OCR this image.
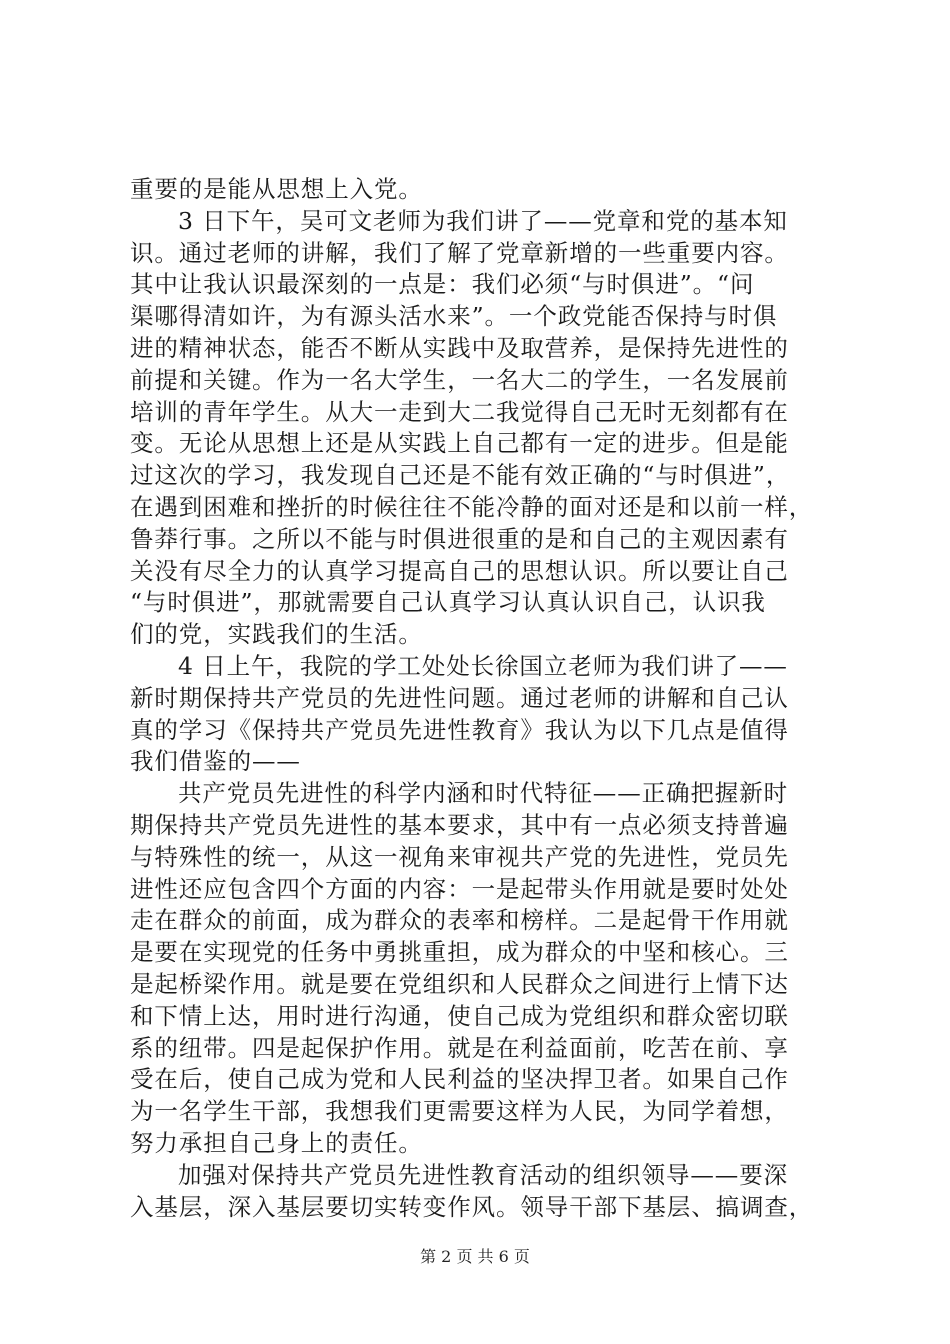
重要的是能从思想上入党。
3 日下午，吴可文老师为我们讲了——党章和党的基本知
识。通过老师的讲解，我们了解了党章新增的一些重要内容。
其中让我认识最深刻的一点是：我们必须“与时俱进”。“问
渠哪得清如许，为有源头活水来”。一个政党能否保持与时俱
进的精神状态，能否不断从实践中及取营养，是保持先进性的
前提和关键。作为一名大学生，一名大二的学生，一名发展前
培训的青年学生。从大一走到大二我觉得自己无时无刻都有在
变。无论从思想上还是从实践上自己都有一定的进步。但是能
过这次的学习，我发现自己还是不能有效正确的“与时俱进”，
在遇到困难和挫折的时候往往不能冷静的面对还是和以前一样，
鲁莽行事。之所以不能与时俱进很重的是和自己的主观因素有
关没有尽全力的认真学习提高自己的思想认识。所以要让自己
“与时俱进”，那就需要自己认真学习认真认识自己，认识我
们的党，实践我们的生活。
4 日上午，我院的学工处处长徐国立老师为我们讲了——
新时期保持共产党员的先进性问题。通过老师的讲解和自己认
真的学习《保持共产党员先进性教育》我认为以下几点是值得
我们借鉴的——
共产党员先进性的科学内涵和时代特征——正确把握新时
期保持共产党员先进性的基本要求，其中有一点必须支持普遍
与特殊性的统一，从这一视角来审视共产党的先进性，党员先
进性还应包含四个方面的内容：一是起带头作用就是要时处处
走在群众的前面，成为群众的表率和榜样。二是起骨干作用就
是要在实现党的任务中勇挑重担，成为群众的中坚和核心。三
是起桥梁作用。就是要在党组织和人民群众之间进行上情下达
和下情上达，用时进行沟通，使自己成为党组织和群众密切联
系的纽带。四是起保护作用。就是在利益面前，吃苦在前、享
受在后，使自己成为党和人民利益的坚决捍卫者。如果自己作
为一名学生干部，我想我们更需要这样为人民，为同学着想，
努力承担自己身上的责任。
加强对保持共产党员先进性教育活动的组织领导——要深
入基层，深入基层要切实转变作风。领导干部下基层、搞调查，
第 2 页 共 6 页
